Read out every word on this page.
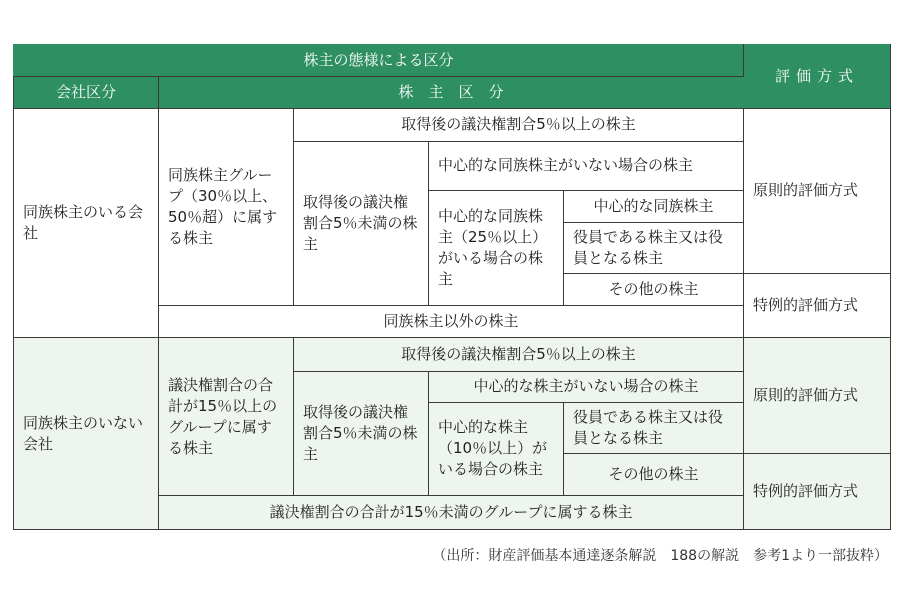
株主の態様による区分					評価方式
会社区分	株　主　区　分				
同族株主のいる会社	同族株主グループ（30％以上、50％超）に属する株主	取得後の議決権割合5％以上の株主			原則的評価方式
		取得後の議決権割合5％未満の株主	中心的な同族株主がいない場合の株主		
			中心的な同族株主（25％以上）がいる場合の株主	中心的な同族株主	
				役員である株主又は役員となる株主	
				その他の株主	特例的評価方式

	同族株主以外の株主				
同族株主のいない会社	議決権割合の合計が15％以上のグループに属する株主	取得後の議決権割合5％以上の株主			原則的評価方式
		取得後の議決権割合5％未満の株主	中心的な株主がいない場合の株主		
			中心的な株主（10％以上）がいる場合の株主	役員である株主又は役員となる株主	
				その他の株主	特例的評価方式

	議決権割合の合計が15％未満のグループに属する株主				
（出所：財産評価基本通達逐条解説　188の解説　参考1より一部抜粋）
